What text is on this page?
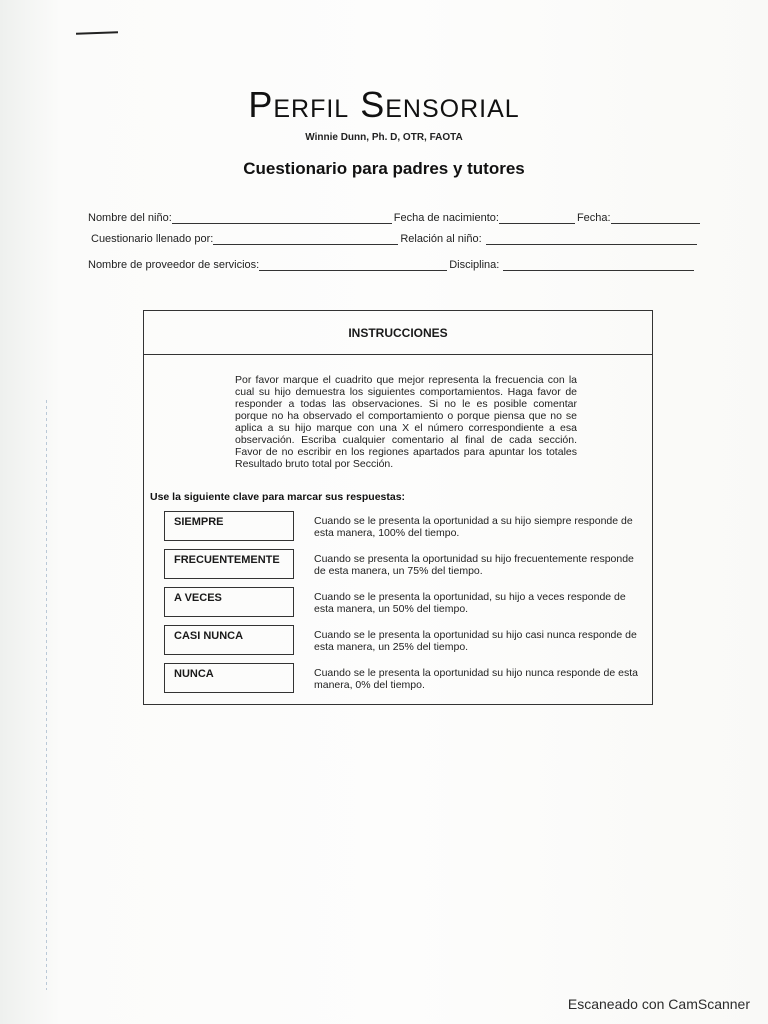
Perfil Sensorial
Winnie Dunn, Ph. D, OTR, FAOTA
Cuestionario para padres y tutores
Nombre del niño:	Fecha de nacimiento:	Fecha:
Cuestionario llenado por:	Relación al niño:
Nombre de proveedor de servicios:	Disciplina:
INSTRUCCIONES
Por favor marque el cuadrito que mejor representa la frecuencia con la cual su hijo demuestra los siguientes comportamientos. Haga favor de responder a todas las observaciones. Si no le es posible comentar porque no ha observado el comportamiento o porque piensa que no se aplica a su hijo marque con una X el número correspondiente a esa observación. Escriba cualquier comentario al final de cada sección. Favor de no escribir en los regiones apartados para apuntar los totales Resultado bruto total por Sección.
Use la siguiente clave para marcar sus respuestas:
SIEMPRE	Cuando se le presenta la oportunidad a su hijo siempre responde de esta manera, 100% del tiempo.
FRECUENTEMENTE	Cuando se presenta la oportunidad su hijo frecuentemente responde de esta manera, un 75% del tiempo.
A VECES	Cuando se le presenta la oportunidad, su hijo a veces responde de esta manera, un 50% del tiempo.
CASI NUNCA	Cuando se le presenta la oportunidad su hijo casi nunca responde de esta manera, un 25% del tiempo.
NUNCA	Cuando se le presenta la oportunidad su hijo nunca responde de esta manera, 0% del tiempo.
Escaneado con CamScanner
